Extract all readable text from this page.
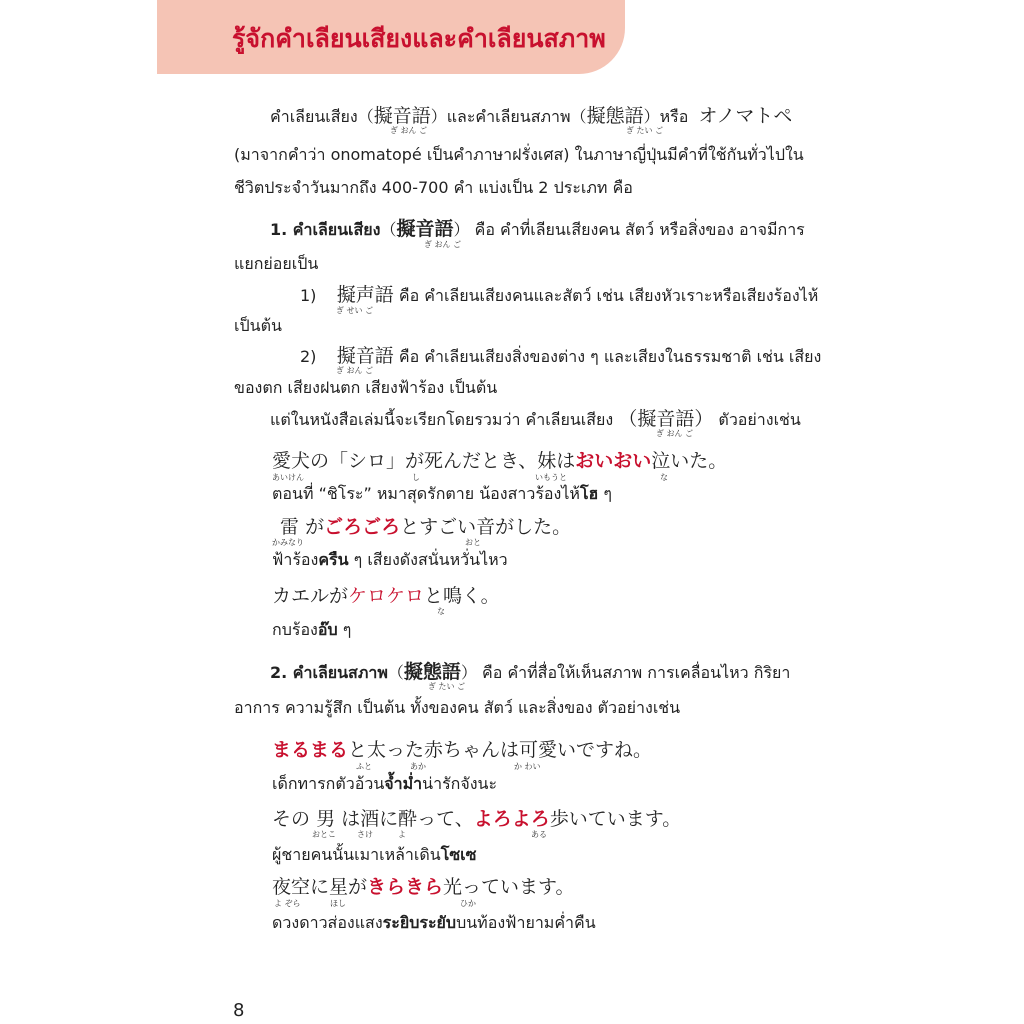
รู้จักคำเลียนเสียงและคำเลียนสภาพ
คำเลียนเสียง（擬音語）และคำเลียนสภาพ（擬態語）หรือ オノマトペ
ぎ おん ご	ぎ たい ご
(มาจากคำว่า onomatopé เป็นคำภาษาฝรั่งเศส) ในภาษาญี่ปุ่นมีคำที่ใช้กันทั่วไปใน
ชีวิตประจำวันมากถึง 400-700 คำ แบ่งเป็น 2 ประเภท คือ
1. คำเลียนเสียง（擬音語） คือ คำที่เลียนเสียงคน สัตว์ หรือสิ่งของ อาจมีการ
ぎ おん ご
แยกย่อยเป็น
1) 擬声語 คือ คำเลียนเสียงคนและสัตว์ เช่น เสียงหัวเราะหรือเสียงร้องไห้
ぎ せい ご
เป็นต้น
2) 擬音語 คือ คำเลียนเสียงสิ่งของต่าง ๆ และเสียงในธรรมชาติ เช่น เสียง
ぎ おん ご
ของตก เสียงฝนตก เสียงฟ้าร้อง เป็นต้น
แต่ในหนังสือเล่มนี้จะเรียกโดยรวมว่า คำเลียนเสียง （擬音語） ตัวอย่างเช่น
ぎ おん ご
愛犬の「シロ」が死んだとき、妹はおいおい泣いた。
あいけん	し	いもうと	な
ตอนที่ “ชิโระ” หมาสุดรักตาย น้องสาวร้องไห้โฮ ๆ
雷 がごろごろとすごい音がした。
かみなり	おと
ฟ้าร้องครืน ๆ เสียงดังสนั่นหวั่นไหว
カエルがケロケロと鳴く。
な
กบร้องอ๊บ ๆ
2. คำเลียนสภาพ（擬態語） คือ คำที่สื่อให้เห็นสภาพ การเคลื่อนไหว กิริยา
ぎ たい ご
อาการ ความรู้สึก เป็นต้น ทั้งของคน สัตว์ และสิ่งของ ตัวอย่างเช่น
まるまると太った赤ちゃんは可愛いですね。
ふと	あか	か わい
เด็กทารกตัวอ้วนจ้ำม่ำน่ารักจังนะ
その 男 は酒に酔って、よろよろ歩いています。
おとこ	さけ	よ	ある
ผู้ชายคนนั้นเมาเหล้าเดินโซเซ
夜空に星がきらきら光っています。
よ ぞら	ほし	ひか
ดวงดาวส่องแสงระยิบระยับบนท้องฟ้ายามค่ำคืน
8
